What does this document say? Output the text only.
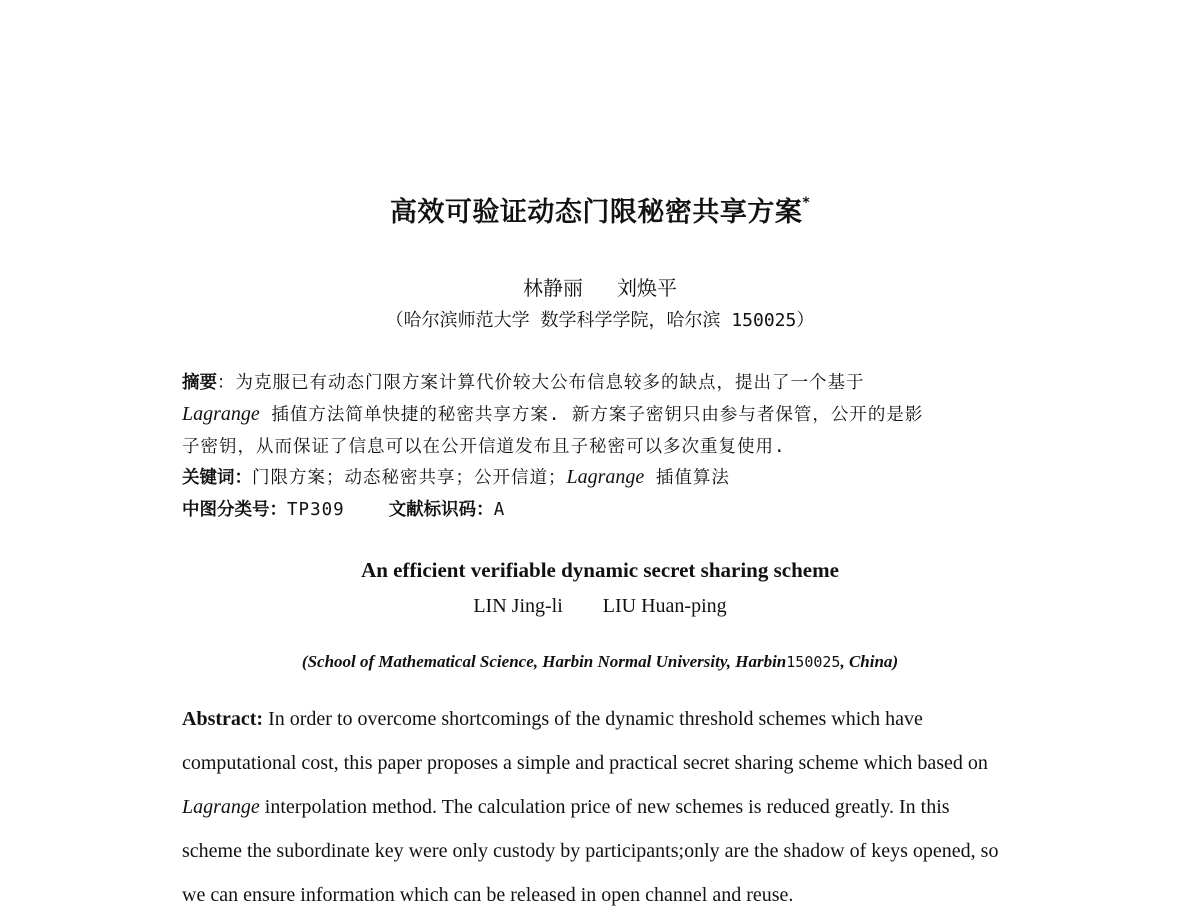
高效可验证动态门限秘密共享方案*
林静丽 刘焕平
（哈尔滨师范大学 数学科学学院，哈尔滨 150025）
摘要：为克服已有动态门限方案计算代价较大公布信息较多的缺点，提出了一个基于
Lagrange 插值方法简单快捷的秘密共享方案. 新方案子密钥只由参与者保管，公开的是影
子密钥，从而保证了信息可以在公开信道发布且子秘密可以多次重复使用.
关键词：门限方案；动态秘密共享；公开信道；Lagrange 插值算法
中图分类号：TP309	文献标识码：A
An efficient verifiable dynamic secret sharing scheme
LIN Jing-li LIU Huan-ping
(School of Mathematical Science, Harbin Normal University, Harbin150025, China)
Abstract: In order to overcome shortcomings of the dynamic threshold schemes which have
computational cost, this paper proposes a simple and practical secret sharing scheme which based on
Lagrange interpolation method. The calculation price of new schemes is reduced greatly. In this
scheme the subordinate key were only custody by participants;only are the shadow of keys opened, so
we can ensure information which can be released in open channel and reuse.
